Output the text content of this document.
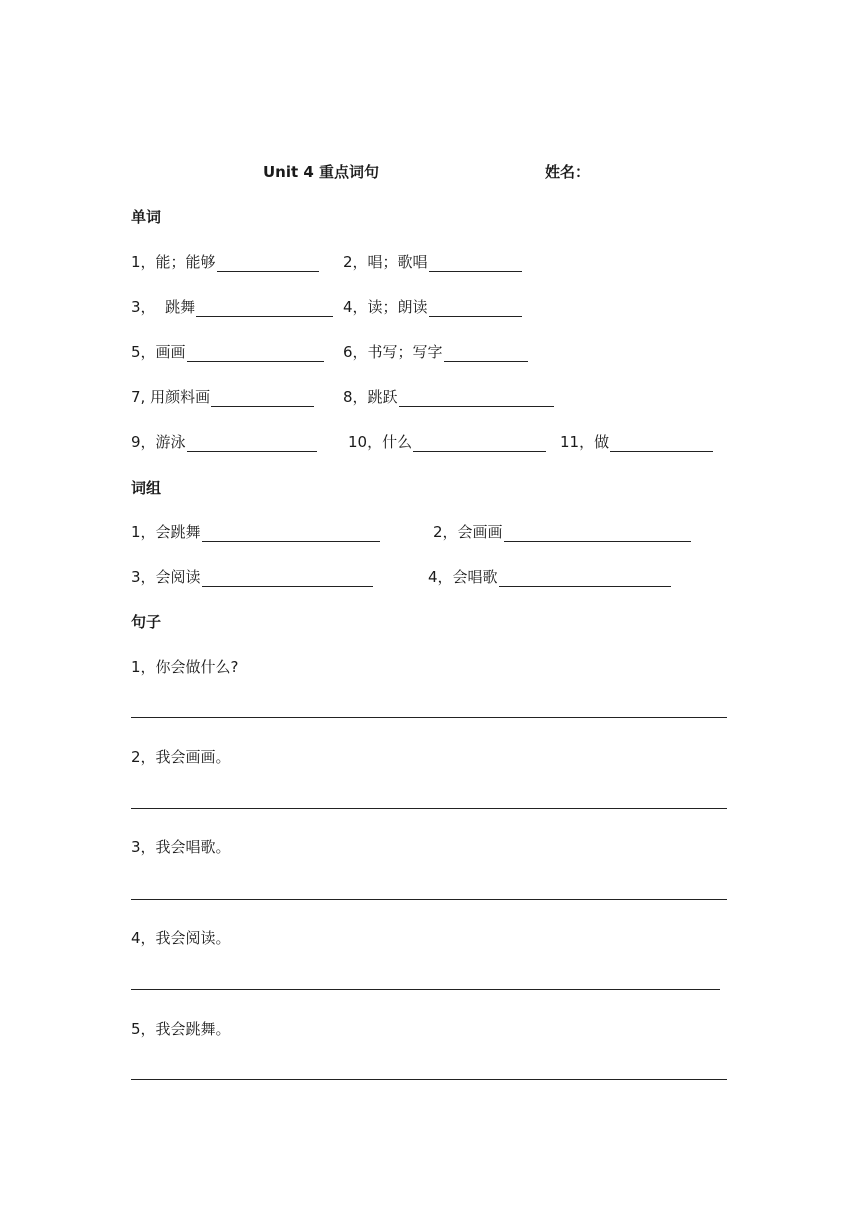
Unit 4 重点词句	姓名：
单词
1，能；能够	2，唱；歌唱
3，  跳舞	4，读；朗读
5，画画	6，书写；写字
7, 用颜料画	8，跳跃
9，游泳	10，什么	11，做
词组
1，会跳舞	2，会画画
3，会阅读	4，会唱歌
句子
1，你会做什么?
2，我会画画。
3，我会唱歌。
4，我会阅读。
5，我会跳舞。
